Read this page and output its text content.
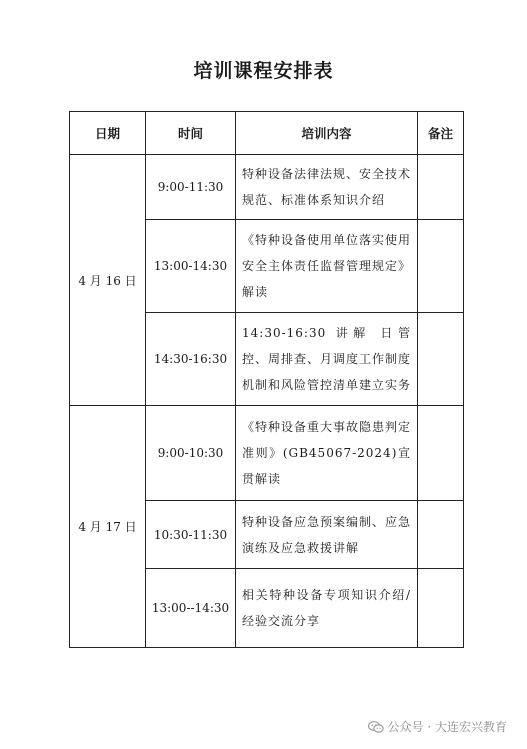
培训课程安排表
日期	时间	培训内容	备注
4 月 16 日	9:00-11:30	特种设备法律法规、安全技术规范、标准体系知识介绍	
	13:00-14:30	《特种设备使用单位落实使用安全主体责任监督管理规定》解读	
	14:30-16:30	14:30-16:30 讲解 日管控、周排查、月调度工作制度机制和风险管控清单建立实务	
4 月 17 日	9:00-10:30	《特种设备重大事故隐患判定准则》(GB45067-2024)宣贯解读	
	10:30-11:30	特种设备应急预案编制、应急演练及应急救援讲解	
	13:00--14:30	相关特种设备专项知识介绍/经验交流分享	
公众号 · 大连宏兴教育
